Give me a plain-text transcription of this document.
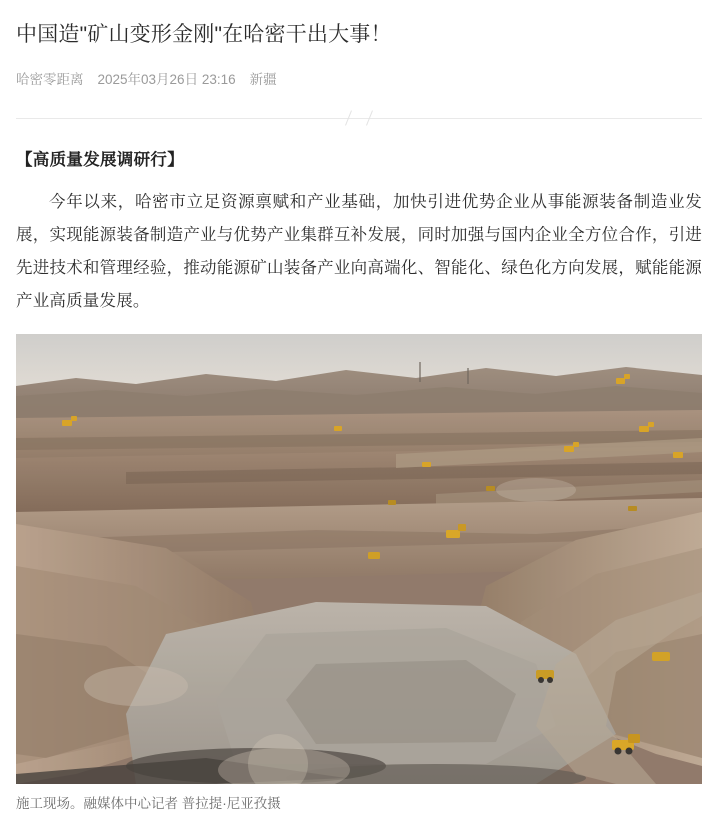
中国造"矿山变形金刚"在哈密干出大事！
哈密零距离 2025年03月26日 23:16 新疆
【高质量发展调研行】

今年以来，哈密市立足资源禀赋和产业基础，加快引进优势企业从事能源装备制造业发展，实现能源装备制造产业与优势产业集群互补发展，同时加强与国内企业全方位合作，引进先进技术和管理经验，推动能源矿山装备产业向高端化、智能化、绿色化方向发展，赋能能源产业高质量发展。

施工现场。融媒体中心记者 普拉提·尼亚孜摄
